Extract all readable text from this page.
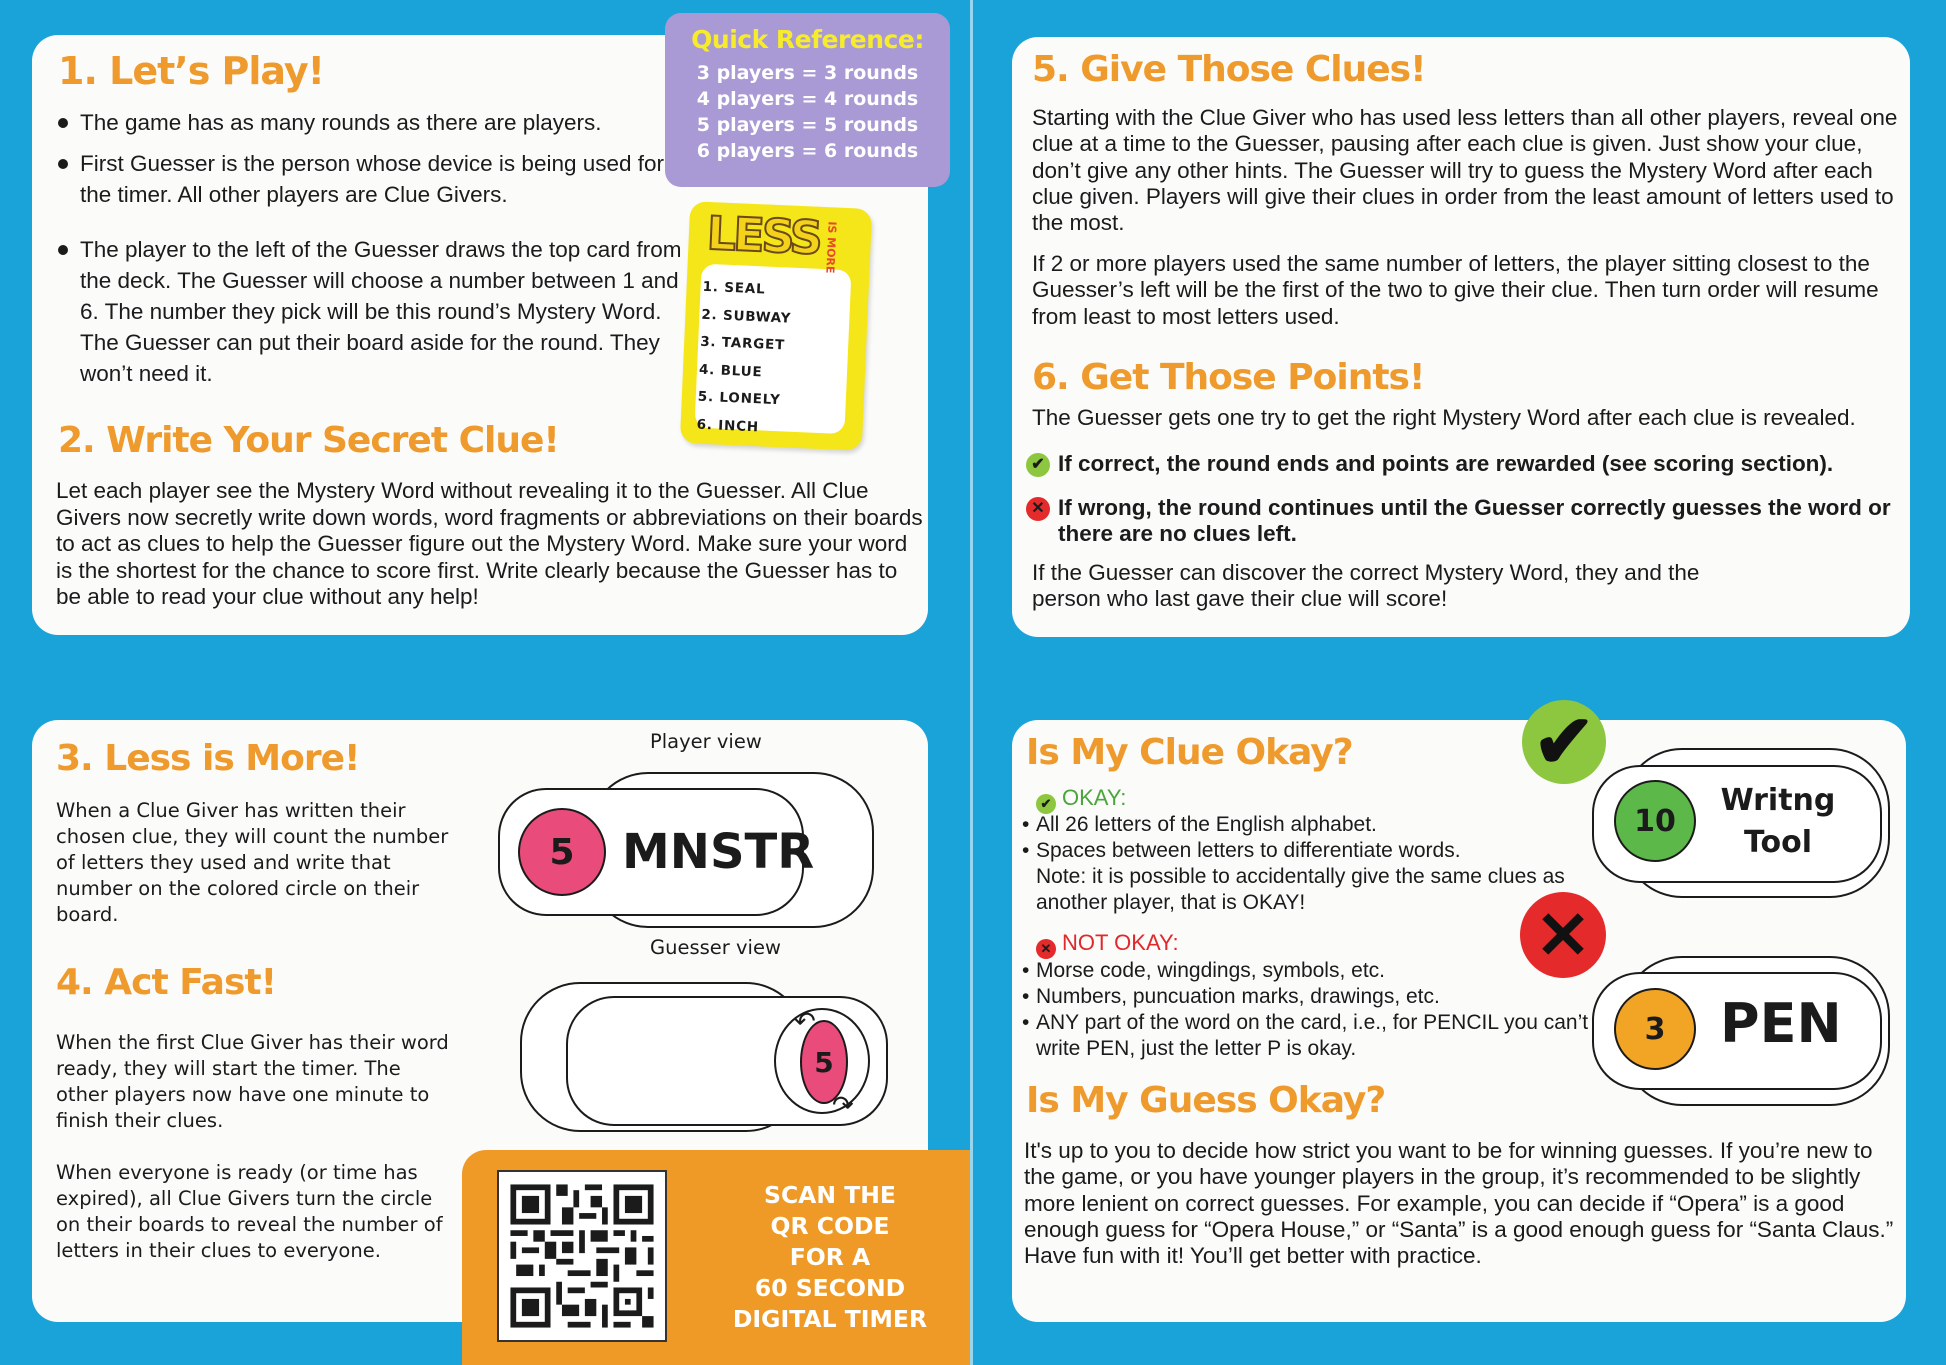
1. Let’s Play!
The game has as many rounds as there are players.
First Guesser is the person whose device is being used for the timer. All other players are Clue Givers.
The player to the left of the Guesser draws the top card from the deck. The Guesser will choose a number between 1 and 6. The number they pick will be this round’s Mystery Word. The Guesser can put their board aside for the round. They won’t need it.
2. Write Your Secret Clue!

Let each player see the Mystery Word without revealing it to the Guesser. All Clue Givers now secretly write down words, word fragments or abbreviations on their boards to act as clues to help the Guesser figure out the Mystery Word. Make sure your word is the shortest for the chance to score first. Write clearly because the Guesser has to be able to read your clue without any help!

Quick Reference:
3 players = 3 rounds
4 players = 4 rounds
5 players = 5 rounds
6 players = 6 rounds
LESS IS MORE
1. SEAL
2. SUBWAY
3. TARGET
4. BLUE
5. LONELY
6. INCH
5. Give Those Clues!

Starting with the Clue Giver who has used less letters than all other players, reveal one clue at a time to the Guesser, pausing after each clue is given. Just show your clue, don’t give any other hints. The Guesser will try to guess the Mystery Word after each clue given. Players will give their clues in order from the least amount of letters used to the most.

If 2 or more players used the same number of letters, the player sitting closest to the Guesser’s left will be the first of the two to give their clue. Then turn order will resume from least to most letters used.

6. Get Those Points!

The Guesser gets one try to get the right Mystery Word after each clue is revealed.

✔ If correct, the round ends and points are rewarded (see scoring section).
✕ If wrong, the round continues until the Guesser correctly guesses the word or there are no clues left.

If the Guesser can discover the correct Mystery Word, they and the person who last gave their clue will score!

3. Less is More!

When a Clue Giver has written their chosen clue, they will count the number of letters they used and write that number on the colored circle on their board.

4. Act Fast!

When the first Clue Giver has their word ready, they will start the timer. The other players now have one minute to finish their clues.

When everyone is ready (or time has expired), all Clue Givers turn the circle on their boards to reveal the number of letters in their clues to everyone.

Player view
5 MNSTR
Guesser view
5
↶
↷
SCAN THE
QR CODE
FOR A
60 SECOND
DIGITAL TIMER
Is My Clue Okay?
✔ OKAY:
• All 26 letters of the English alphabet.
• Spaces between letters to differentiate words.
Note: it is possible to accidentally give the same clues as another player, that is OKAY!
✕ NOT OKAY:
• Morse code, wingdings, symbols, etc.
• Numbers, puncuation marks, drawings, etc.
• ANY part of the word on the card, i.e., for PENCIL you can’t write PEN, just the letter P is okay.
10
Writng
Tool
✔
3	PEN
✕
Is My Guess Okay?

It's up to you to decide how strict you want to be for winning guesses. If you’re new to the game, or you have younger players in the group, it’s recommended to be slightly more lenient on correct guesses. For example, you can decide if “Opera” is a good enough guess for “Opera House,” or “Santa” is a good enough guess for “Santa Claus.” Have fun with it! You’ll get better with practice.
